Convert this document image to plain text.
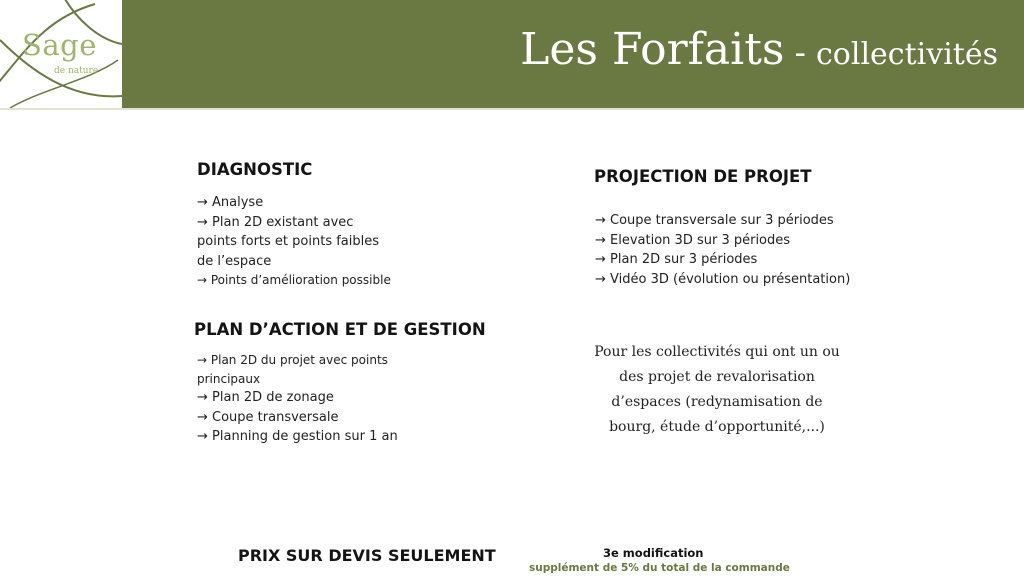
Sage
de nature	Les Forfaits - collectivités
DIAGNOSTIC
→ Analyse
→ Plan 2D existant avec
points forts et points faibles
de l’espace
→ Points d’amélioration possible
PLAN D’ACTION ET DE GESTION
→ Plan 2D du projet avec points
principaux
→ Plan 2D de zonage
→ Coupe transversale
→ Planning de gestion sur 1 an
PROJECTION DE PROJET
→ Coupe transversale sur 3 périodes
→ Elevation 3D sur 3 périodes
→ Plan 2D sur 3 périodes
→ Vidéo 3D (évolution ou présentation)
Pour les collectivités qui ont un ou des projet de revalorisation d’espaces (redynamisation de bourg, étude d’opportunité,...)
PRIX SUR DEVIS SEULEMENT	3e modification
supplément de 5% du total de la commande
